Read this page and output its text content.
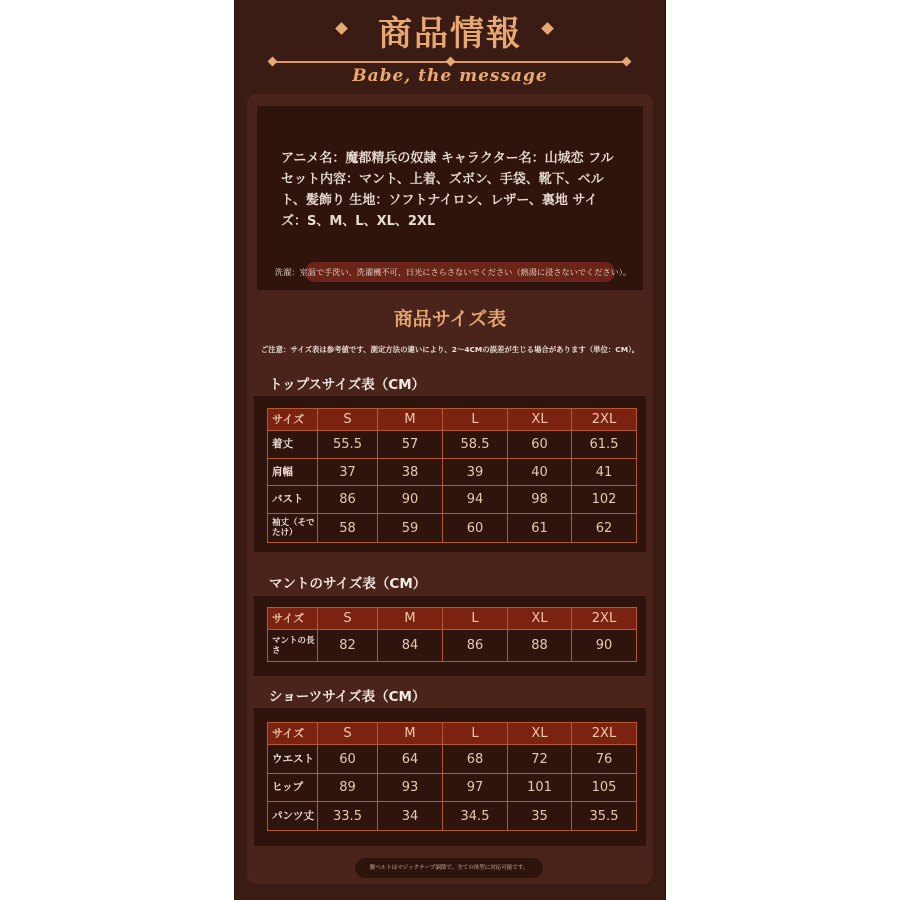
商品情報
Babe, the message
アニメ名：魔都精兵の奴隷 キャラクター名：山城恋 フルセット内容：マント、上着、ズボン、手袋、靴下、ベルト、髪飾り 生地：ソフトナイロン、レザー、裏地 サイズ：S、M、L、XL、2XL
洗濯：室温で手洗い、洗濯機不可、日光にさらさないでください（熱湯に浸さないでください）。
商品サイズ表
ご注意：サイズ表は参考値です、測定方法の違いにより、2～4CMの誤差が生じる場合があります（単位：CM）。
トップスサイズ表（CM）
サイズ	S	M	L	XL	2XL
着丈	55.5	57	58.5	60	61.5
肩幅	37	38	39	40	41
バスト	86	90	94	98	102
袖丈（そでたけ）	58	59	60	61	62
マントのサイズ表（CM）
サイズ	S	M	L	XL	2XL
マントの長さ	82	84	86	88	90
ショーツサイズ表（CM）
サイズ	S	M	L	XL	2XL
ウエスト	60	64	68	72	76
ヒップ	89	93	97	101	105
パンツ丈	33.5	34	34.5	35	35.5
腰ベルトはマジックテープ調節で、全ての体型に対応可能です。
